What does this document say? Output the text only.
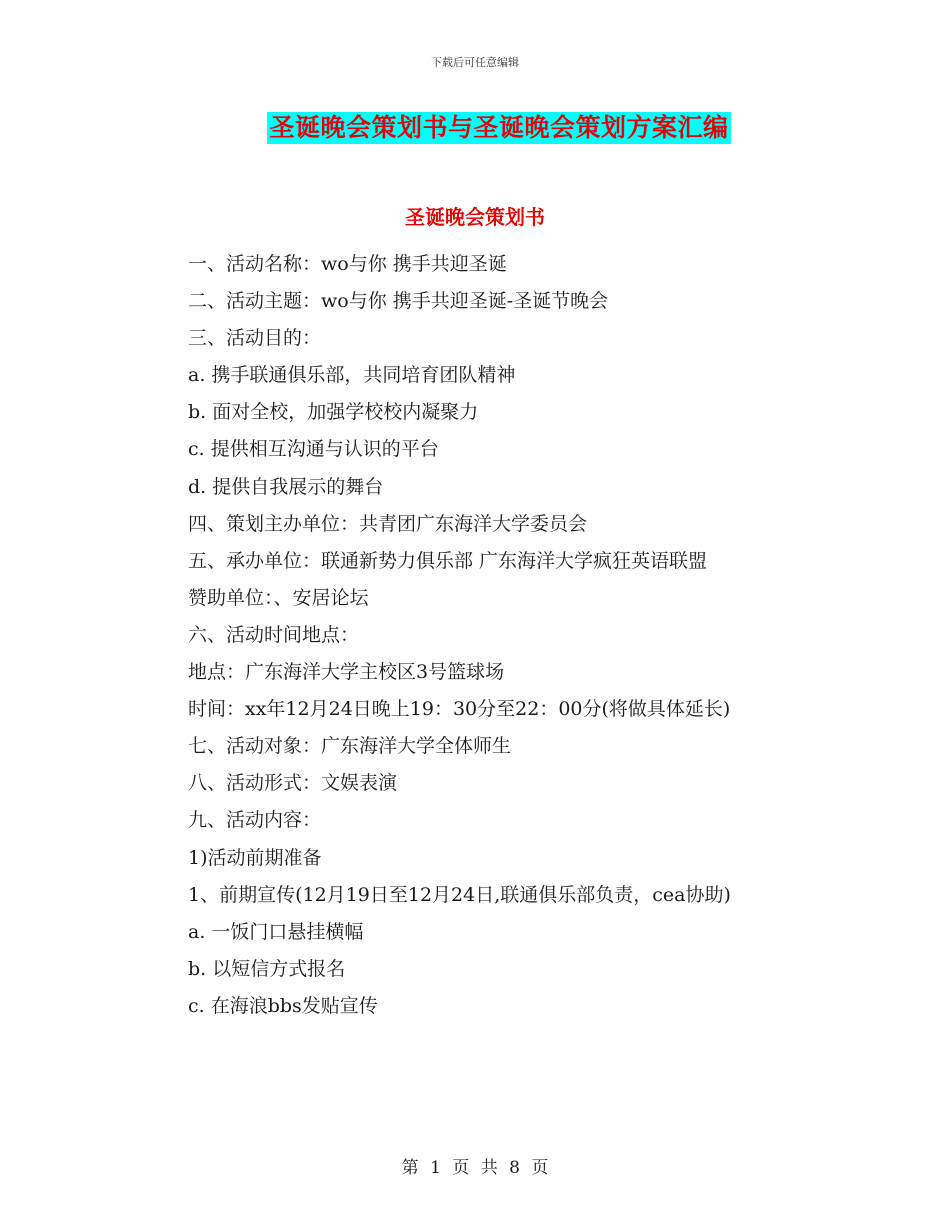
下载后可任意编辑
圣诞晚会策划书与圣诞晚会策划方案汇编
圣诞晚会策划书

一、活动名称：wo与你 携手共迎圣诞

二、活动主题：wo与你 携手共迎圣诞-圣诞节晚会

三、活动目的：

a. 携手联通俱乐部，共同培育团队精神

b. 面对全校，加强学校校内凝聚力

c. 提供相互沟通与认识的平台

d. 提供自我展示的舞台

四、策划主办单位：共青团广东海洋大学委员会

五、承办单位：联通新势力俱乐部 广东海洋大学疯狂英语联盟

赞助单位：、安居论坛

六、活动时间地点：

地点：广东海洋大学主校区3号篮球场

时间：xx年12月24日晚上19：30分至22：00分(将做具体延长)

七、活动对象：广东海洋大学全体师生

八、活动形式：文娱表演

九、活动内容：

1)活动前期准备

1、前期宣传(12月19日至12月24日,联通俱乐部负责，cea协助)

a. 一饭门口悬挂横幅

b. 以短信方式报名

c. 在海浪bbs发贴宣传

第 1 页 共 8 页
